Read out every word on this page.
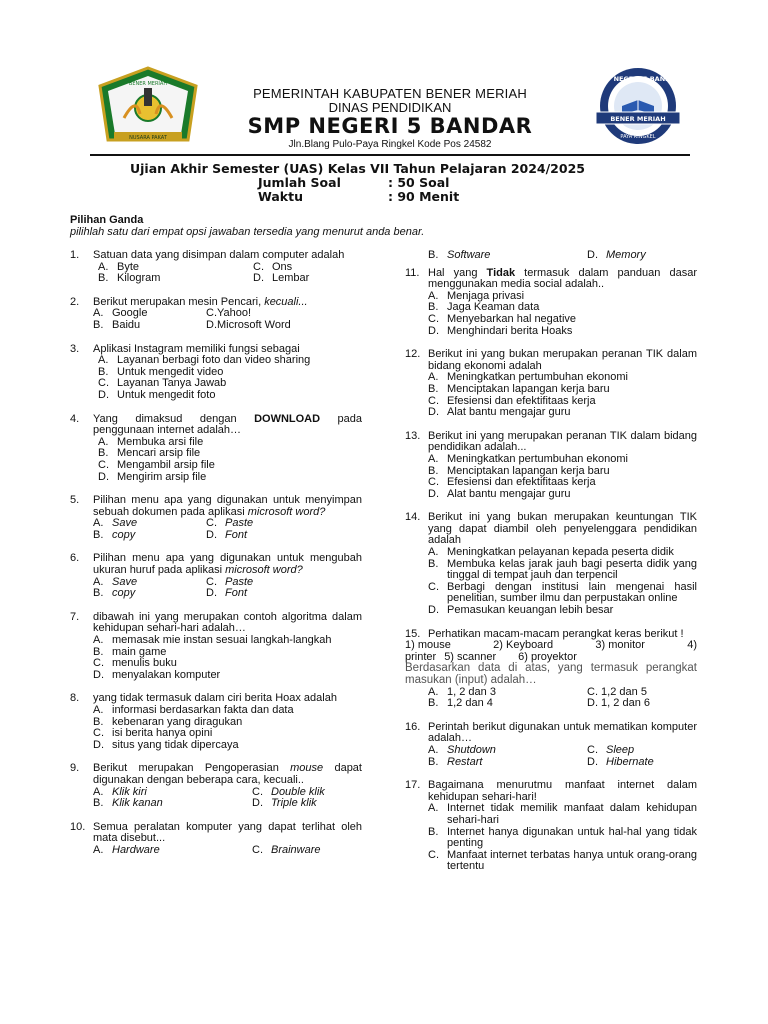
BENER MERIAH
NUSARA PAKAT
SMP NEGERI 5 BANDAR
BENER MERIAH
PAYA RINGKEL
PEMERINTAH KABUPATEN BENER MERIAH
DINAS PENDIDIKAN
SMP NEGERI 5 BANDAR
Jln.Blang Pulo-Paya Ringkel Kode Pos 24582
Ujian Akhir Semester (UAS) Kelas VII Tahun Pelajaran 2024/2025
Jumlah Soal	: 50 Soal
Waktu	: 90 Menit
Pilihan Ganda
pilihlah satu dari empat opsi jawaban tersedia yang menurut anda benar.
1. Satuan data yang disimpan dalam computer adalah
A. Byte	C. Ons
B. Kilogram	D. Lembar
2. Berikut merupakan mesin Pencari, kecuali...
A. Google	C.Yahoo!
B. Baidu	D.Microsoft Word
3. Aplikasi Instagram memiliki fungsi sebagai
A. Layanan berbagi foto dan video sharing
B. Untuk mengedit video
C. Layanan Tanya Jawab
D. Untuk mengedit foto
4. Yang dimaksud dengan DOWNLOAD pada penggunaan internet adalah…
A. Membuka arsi file
B. Mencari arsip file
C. Mengambil arsip file
D. Mengirim arsip file
5. Pilihan menu apa yang digunakan untuk menyimpan sebuah dokumen pada aplikasi microsoft word?
A. Save	C. Paste
B. copy	D. Font
6. Pilihan menu apa yang digunakan untuk mengubah ukuran huruf pada aplikasi microsoft word?
A. Save	C. Paste
B. copy	D. Font
7. dibawah ini yang merupakan contoh algoritma dalam kehidupan sehari-hari adalah…
A. memasak mie instan sesuai langkah-langkah
B. main game
C. menulis buku
D. menyalakan komputer
8. yang tidak termasuk dalam ciri berita Hoax adalah
A. informasi berdasarkan fakta dan data
B. kebenaran yang diragukan
C. isi berita hanya opini
D. situs yang tidak dipercaya
9. Berikut merupakan Pengoperasian mouse dapat digunakan dengan beberapa cara, kecuali..
A. Klik kiri	C. Double klik
B. Klik kanan	D. Triple klik
10. Semua peralatan komputer yang dapat terlihat oleh mata disebut...
A. Hardware	C. Brainware
B. Software	D. Memory
11. Hal yang Tidak termasuk dalam panduan dasar menggunakan media social adalah..
A. Menjaga privasi
B. Jaga Keaman data
C. Menyebarkan hal negative
D. Menghindari berita Hoaks
12. Berikut ini yang bukan merupakan peranan TIK dalam bidang ekonomi adalah
A. Meningkatkan pertumbuhan ekonomi
B. Menciptakan lapangan kerja baru
C. Efesiensi dan efektifitaas kerja
D. Alat bantu mengajar guru
13. Berikut ini yang merupakan peranan TIK dalam bidang pendidikan adalah...
A. Meningkatkan pertumbuhan ekonomi
B. Menciptakan lapangan kerja baru
C. Efesiensi dan efektifitaas kerja
D. Alat bantu mengajar guru
14. Berikut ini yang bukan merupakan keuntungan TIK yang dapat diambil oleh penyelenggara pendidikan adalah
A. Meningkatkan pelayanan kepada peserta didik
B. Membuka kelas jarak jauh bagi peserta didik yang tinggal di tempat jauh dan terpencil
C. Berbagi dengan institusi lain mengenai hasil penelitian, sumber ilmu dan perpustakan online
D. Pemasukan keuangan lebih besar
15. Perhatikan macam-macam perangkat keras berikut !
1) mouse	2) Keyboard	3) monitor	4)
printer 5) scanner 6) proyektor
Berdasarkan data di atas, yang termasuk perangkat masukan (input) adalah…
A. 1, 2 dan 3	C. 1,2 dan 5
B. 1,2 dan 4	D. 1, 2 dan 6
16. Perintah berikut digunakan untuk mematikan komputer adalah…
A. Shutdown	C. Sleep
B. Restart	D. Hibernate
17. Bagaimana menurutmu manfaat internet dalam kehidupan sehari-hari!
A. Internet tidak memilik manfaat dalam kehidupan sehari-hari
B. Internet hanya digunakan untuk hal-hal yang tidak penting
C. Manfaat internet terbatas hanya untuk orang-orang tertentu
